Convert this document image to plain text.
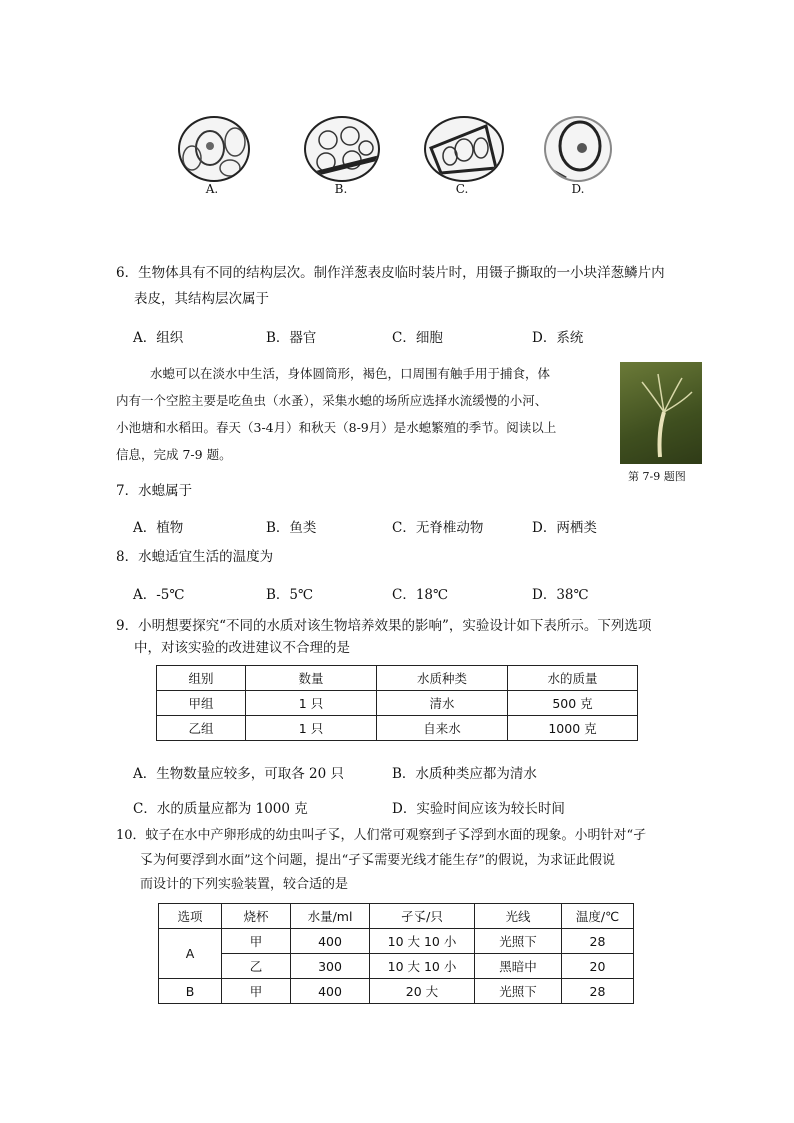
A.	B.	C.	D.
6．生物体具有不同的结构层次。制作洋葱表皮临时装片时，用镊子撕取的一小块洋葱鳞片内
表皮，其结构层次属于
A．组织	B．器官	C．细胞	D．系统
水螅可以在淡水中生活，身体圆筒形，褐色，口周围有触手用于捕食，体
内有一个空腔主要是吃鱼虫（水蚤），采集水螅的场所应选择水流缓慢的小河、
小池塘和水稻田。春天（3-4月）和秋天（8-9月）是水螅繁殖的季节。阅读以上
信息，完成 7-9 题。
第 7-9 题图
7．水螅属于
A．植物	B．鱼类	C．无脊椎动物	D．两栖类
8．水螅适宜生活的温度为
A．-5℃	B．5℃	C．18℃	D．38℃
9．小明想要探究“不同的水质对该生物培养效果的影响”，实验设计如下表所示。下列选项
中，对该实验的改进建议不合理的是
组别	数量	水质种类	水的质量
甲组	1 只	清水	500 克
乙组	1 只	自来水	1000 克
A．生物数量应较多，可取各 20 只	B．水质种类应都为清水
C．水的质量应都为 1000 克	D．实验时间应该为较长时间
10．蚊子在水中产卵形成的幼虫叫孑孓，人们常可观察到孑孓浮到水面的现象。小明针对“孑
孓为何要浮到水面”这个问题，提出“孑孓需要光线才能生存”的假说，为求证此假说
而设计的下列实验装置，较合适的是
选项	烧杯	水量/ml	孑孓/只	光线	温度/℃
A	甲	400	10 大 10 小	光照下	28
	乙	300	10 大 10 小	黑暗中	20
B	甲	400	20 大	光照下	28
